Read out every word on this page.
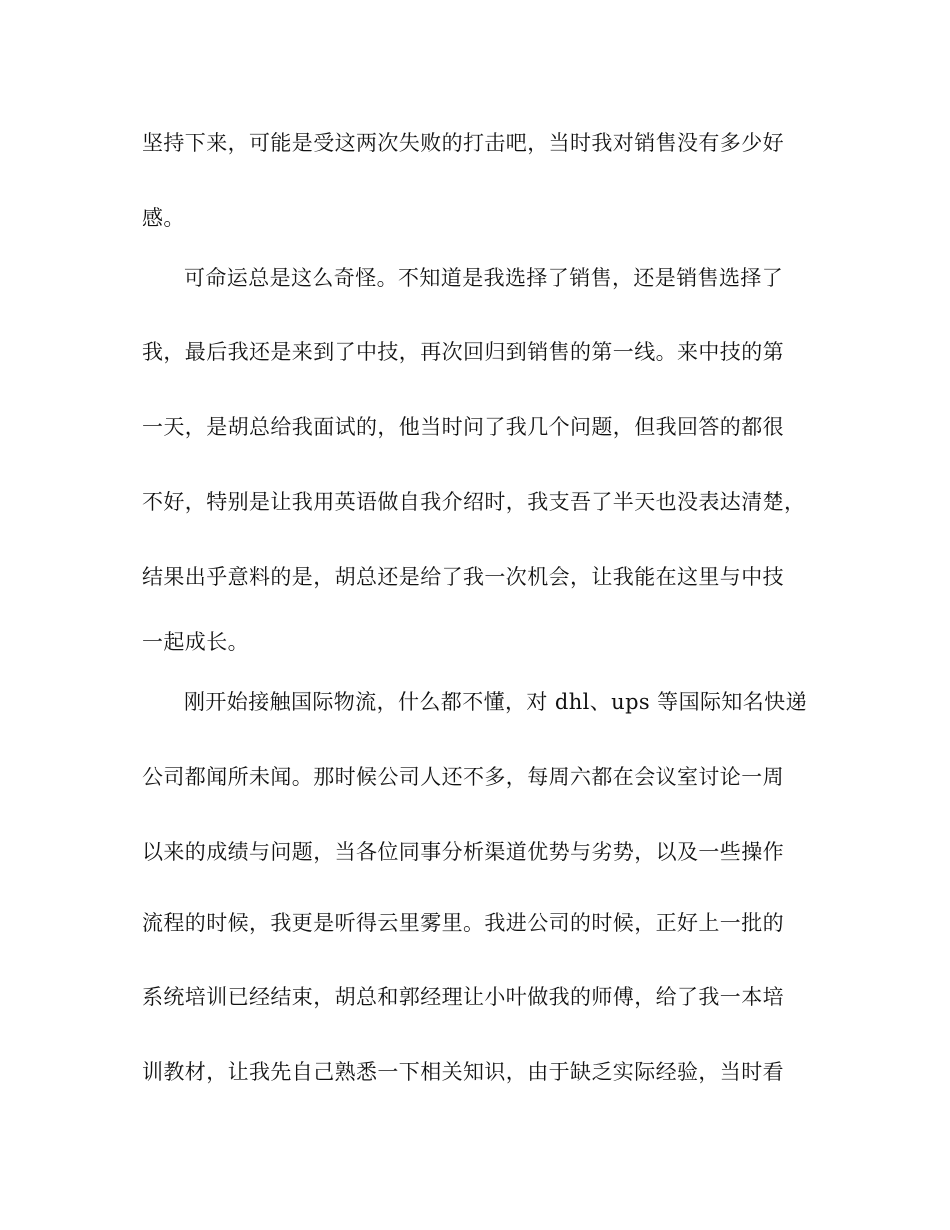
坚持下来，可能是受这两次失败的打击吧，当时我对销售没有多少好
感。
可命运总是这么奇怪。不知道是我选择了销售，还是销售选择了
我，最后我还是来到了中技，再次回归到销售的第一线。来中技的第
一天，是胡总给我面试的，他当时问了我几个问题，但我回答的都很
不好，特别是让我用英语做自我介绍时，我支吾了半天也没表达清楚，
结果出乎意料的是，胡总还是给了我一次机会，让我能在这里与中技
一起成长。
刚开始接触国际物流，什么都不懂，对 dhl、ups 等国际知名快递
公司都闻所未闻。那时候公司人还不多，每周六都在会议室讨论一周
以来的成绩与问题，当各位同事分析渠道优势与劣势，以及一些操作
流程的时候，我更是听得云里雾里。我进公司的时候，正好上一批的
系统培训已经结束，胡总和郭经理让小叶做我的师傅，给了我一本培
训教材，让我先自己熟悉一下相关知识，由于缺乏实际经验，当时看
